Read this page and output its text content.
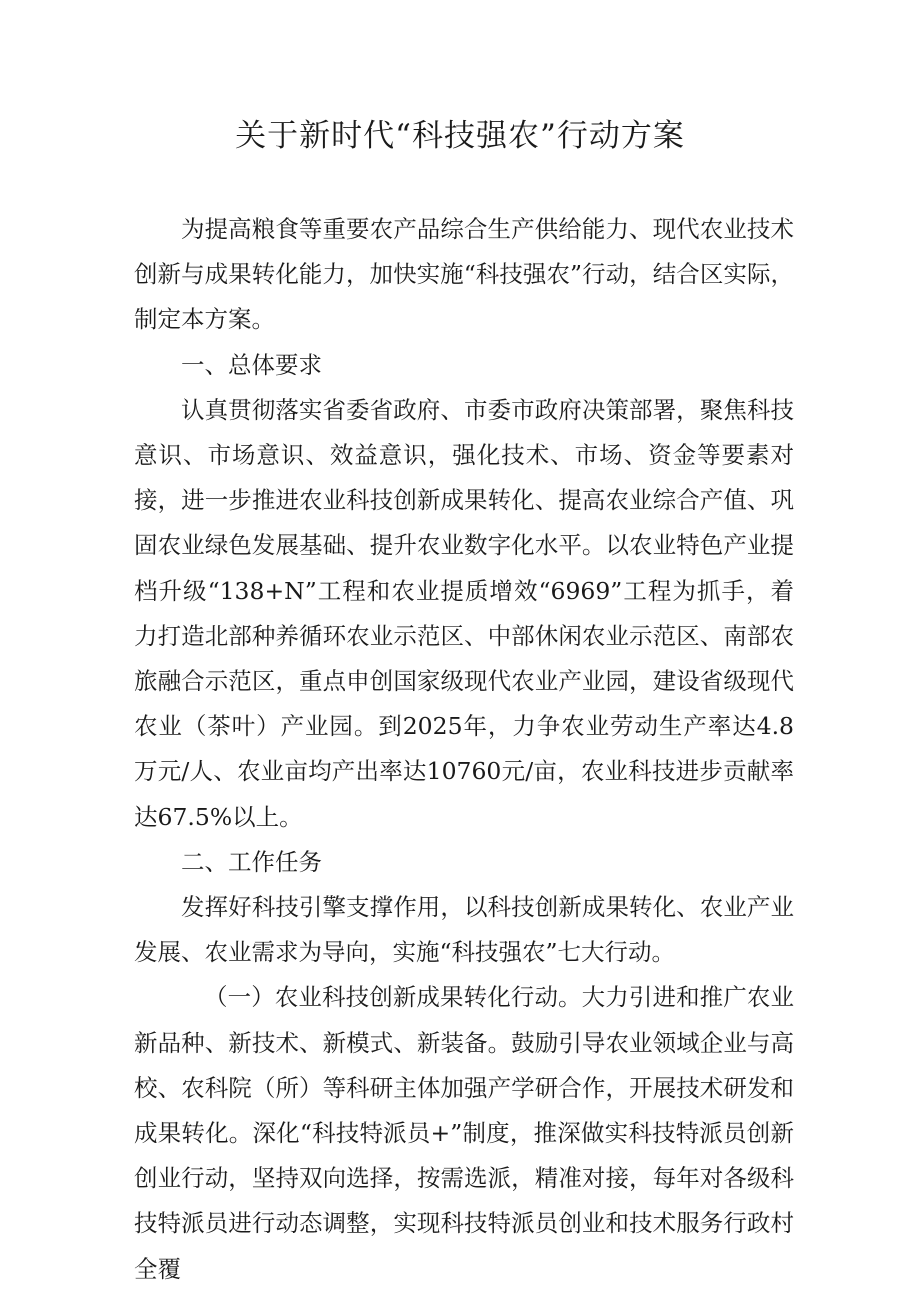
关于新时代“科技强农”行动方案

为提高粮食等重要农产品综合生产供给能力、现代农业技术创新与成果转化能力，加快实施“科技强农”行动，结合区实际，制定本方案。

一、总体要求

认真贯彻落实省委省政府、市委市政府决策部署，聚焦科技意识、市场意识、效益意识，强化技术、市场、资金等要素对接，进一步推进农业科技创新成果转化、提高农业综合产值、巩固农业绿色发展基础、提升农业数字化水平。以农业特色产业提档升级“138+N”工程和农业提质增效“6969”工程为抓手，着力打造北部种养循环农业示范区、中部休闲农业示范区、南部农旅融合示范区，重点申创国家级现代农业产业园，建设省级现代农业（茶叶）产业园。到2025年，力争农业劳动生产率达4.8万元/人、农业亩均产出率达10760元/亩，农业科技进步贡献率达67.5%以上。

二、工作任务

发挥好科技引擎支撑作用，以科技创新成果转化、农业产业发展、农业需求为导向，实施“科技强农”七大行动。

（一）农业科技创新成果转化行动。大力引进和推广农业新品种、新技术、新模式、新装备。鼓励引导农业领域企业与高校、农科院（所）等科研主体加强产学研合作，开展技术研发和成果转化。深化“科技特派员+”制度，推深做实科技特派员创新创业行动，坚持双向选择，按需选派，精准对接，每年对各级科技特派员进行动态调整，实现科技特派员创业和技术服务行政村全覆
